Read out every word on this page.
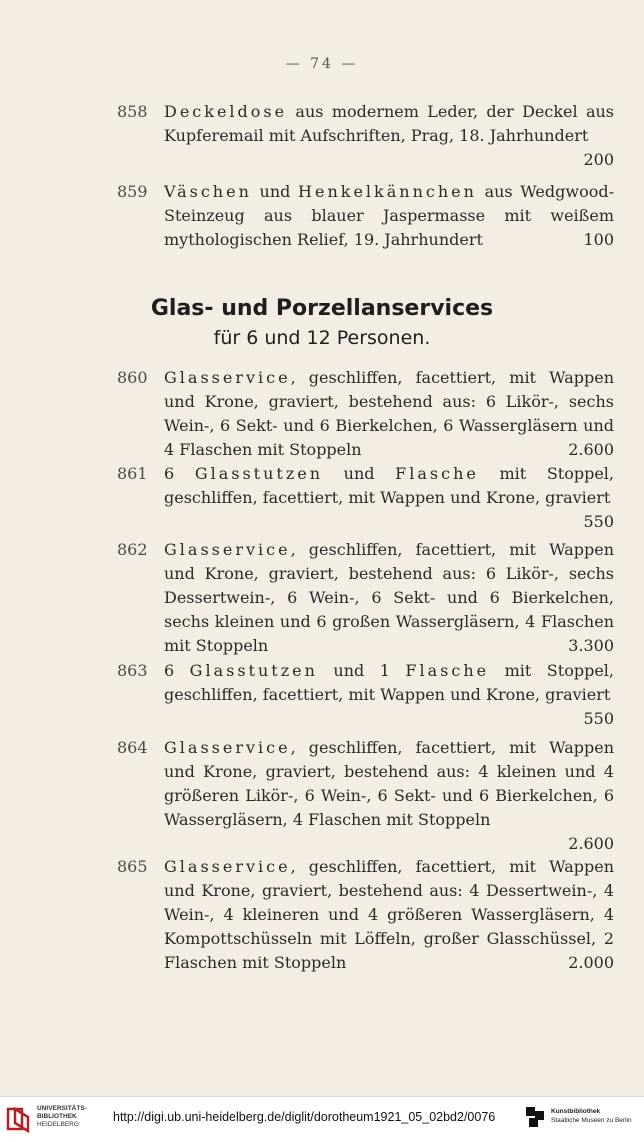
— 74 —
858 Deckeldose aus modernem Leder, der Deckel aus Kupferemail mit Aufschriften, Prag, 18. Jahrhundert
200
859 Väschen und Henkelkännchen aus Wedgwood-Steinzeug aus blauer Jaspermasse mit weißem mythologischen Relief, 19. Jahrhundert	100
Glas- und Porzellanservices
für 6 und 12 Personen.
860 Glasservice, geschliffen, facettiert, mit Wappen und Krone, graviert, bestehend aus: 6 Likör-, sechs Wein-, 6 Sekt- und 6 Bierkelchen, 6 Wassergläsern und 4 Flaschen mit Stoppeln	2.600
861 6 Glasstutzen und Flasche mit Stoppel, geschliffen, facettiert, mit Wappen und Krone, graviert
550
862 Glasservice, geschliffen, facettiert, mit Wappen und Krone, graviert, bestehend aus: 6 Likör-, sechs Dessertwein-, 6 Wein-, 6 Sekt- und 6 Bierkelchen, sechs kleinen und 6 großen Wassergläsern, 4 Flaschen mit Stoppeln	3.300
863 6 Glasstutzen und 1 Flasche mit Stoppel, geschliffen, facettiert, mit Wappen und Krone, graviert
550
864 Glasservice, geschliffen, facettiert, mit Wappen und Krone, graviert, bestehend aus: 4 kleinen und 4 größeren Likör-, 6 Wein-, 6 Sekt- und 6 Bierkelchen, 6 Wassergläsern, 4 Flaschen mit Stoppeln
2.600
865 Glasservice, geschliffen, facettiert, mit Wappen und Krone, graviert, bestehend aus: 4 Dessertwein-, 4 Wein-, 4 kleineren und 4 größeren Wassergläsern, 4 Kompottschüsseln mit Löffeln, großer Glasschüssel, 2 Flaschen mit Stoppeln	2.000
UNIVERSITÄTS-
BIBLIOTHEK
HEIDELBERG
http://digi.ub.uni-heidelberg.de/diglit/dorotheum1921_05_02bd2/0076	Kunstbibliothek
Staatliche Museen zu Berlin
